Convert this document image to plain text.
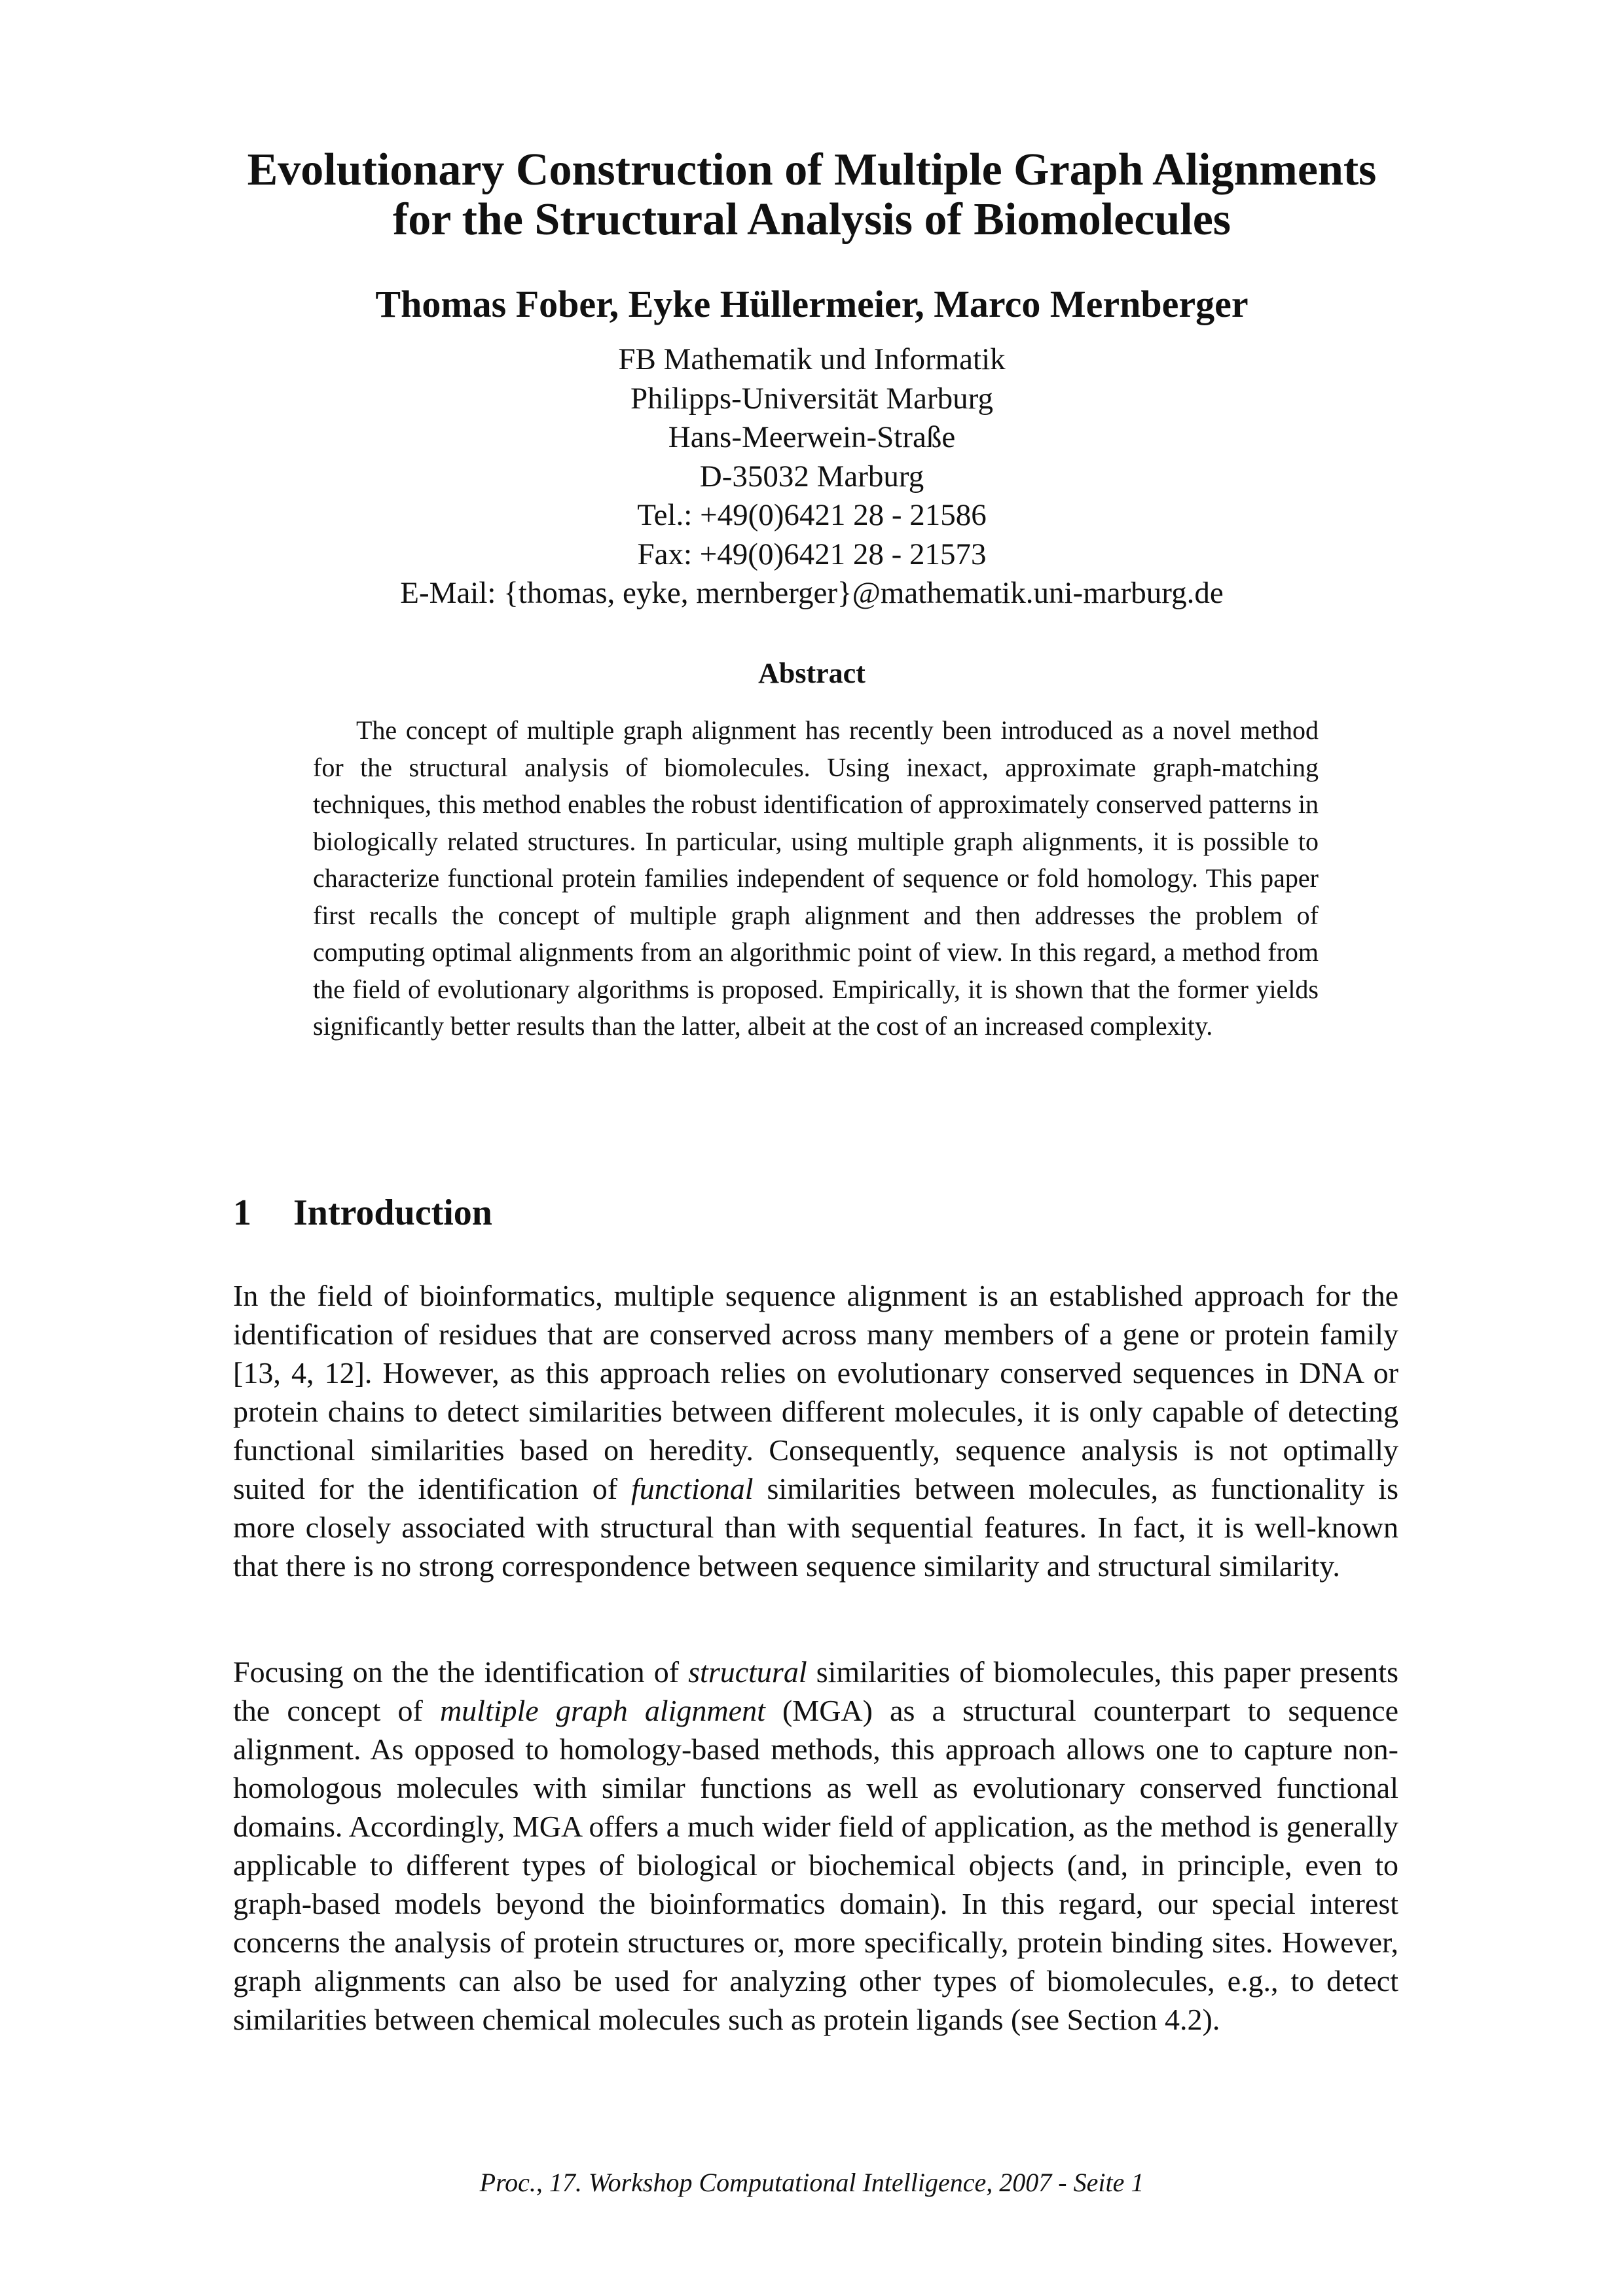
Evolutionary Construction of Multiple Graph Alignments
for the Structural Analysis of Biomolecules
Thomas Fober, Eyke Hüllermeier, Marco Mernberger
FB Mathematik und Informatik
Philipps-Universität Marburg
Hans-Meerwein-Straße
D-35032 Marburg
Tel.: +49(0)6421 28 - 21586
Fax: +49(0)6421 28 - 21573
E-Mail: {thomas, eyke, mernberger}@mathematik.uni-marburg.de
Abstract

The concept of multiple graph alignment has recently been introduced as a novel method for the structural analysis of biomolecules. Using inexact, approximate graph-matching techniques, this method enables the robust identification of approximately conserved patterns in biologically related structures. In particular, using multiple graph alignments, it is possible to characterize functional protein families independent of sequence or fold homology. This paper first recalls the concept of multiple graph alignment and then addresses the problem of computing optimal alignments from an algorithmic point of view. In this regard, a method from the field of evolutionary algorithms is proposed. Empirically, it is shown that the former yields significantly better results than the latter, albeit at the cost of an increased complexity.

1 Introduction

In the field of bioinformatics, multiple sequence alignment is an established approach for the identification of residues that are conserved across many members of a gene or protein family [13, 4, 12]. However, as this approach relies on evolutionary conserved sequences in DNA or protein chains to detect similarities between different molecules, it is only capable of detecting functional similarities based on heredity. Consequently, sequence analysis is not optimally suited for the identification of functional similarities between molecules, as functionality is more closely associated with structural than with sequential features. In fact, it is well-known that there is no strong correspondence between sequence similarity and structural similarity.

Focusing on the the identification of structural similarities of biomolecules, this paper presents the concept of multiple graph alignment (MGA) as a structural counterpart to sequence alignment. As opposed to homology-based methods, this approach allows one to capture non-homologous molecules with similar functions as well as evolutionary conserved functional domains. Accordingly, MGA offers a much wider field of application, as the method is generally applicable to different types of biological or biochemical objects (and, in principle, even to graph-based models beyond the bioinformatics domain). In this regard, our special interest concerns the analysis of protein structures or, more specifically, protein binding sites. However, graph alignments can also be used for analyzing other types of biomolecules, e.g., to detect similarities between chemical molecules such as protein ligands (see Section 4.2).

Proc., 17. Workshop Computational Intelligence, 2007 - Seite 1
